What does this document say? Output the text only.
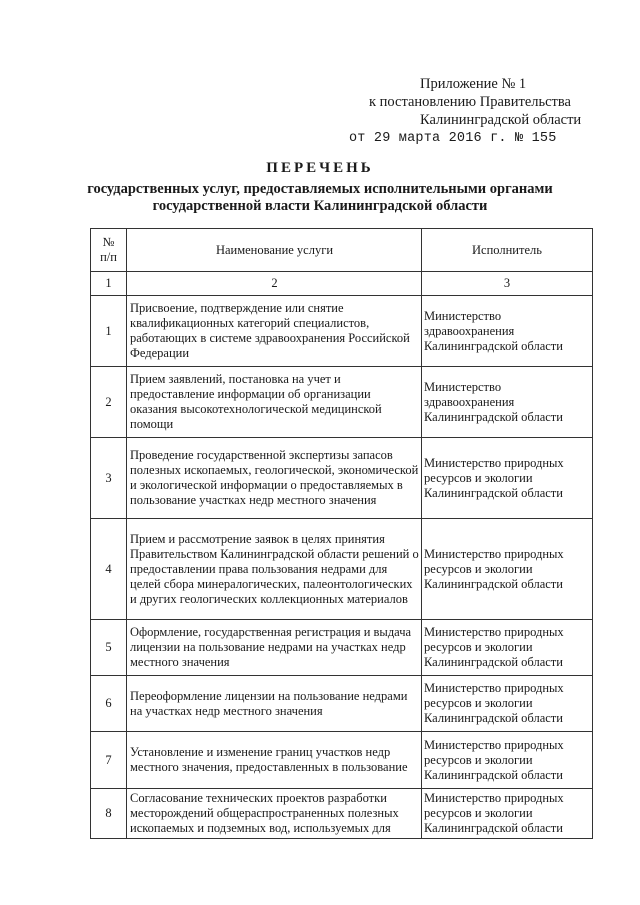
Приложение № 1
к постановлению Правительства
Калининградской области
от 29 марта 2016 г. № 155
ПЕРЕЧЕНЬ
государственных услуг, предоставляемых исполнительными органами
государственной власти Калининградской области
№
п/п	Наименование услуги	Исполнитель
1	2	3
1	Присвоение, подтверждение или снятие квалификационных категорий специалистов, работающих в системе здравоохранения Российской Федерации	Министерство здравоохранения Калининградской области
2	Прием заявлений, постановка на учет и предоставление информации об организации оказания высокотехнологической медицинской помощи	Министерство здравоохранения Калининградской области
3	Проведение государственной экспертизы запасов полезных ископаемых, геологической, экономической и экологической информации о предоставляемых в пользование участках недр местного значения	Министерство природных ресурсов и экологии Калининградской области
4	Прием и рассмотрение заявок в целях принятия Правительством Калининградской области решений о предоставлении права пользования недрами для целей сбора минералогических, палеонтологических и других геологических коллекционных материалов	Министерство природных ресурсов и экологии Калининградской области
5	Оформление, государственная регистрация и выдача лицензии на пользование недрами на участках недр местного значения	Министерство природных ресурсов и экологии Калининградской области
6	Переоформление лицензии на пользование недрами на участках недр местного значения	Министерство природных ресурсов и экологии Калининградской области
7	Установление и изменение границ участков недр местного значения, предоставленных в пользование	Министерство природных ресурсов и экологии Калининградской области
8	Согласование технических проектов разработки месторождений общераспространенных полезных ископаемых и подземных вод, используемых для	Министерство природных ресурсов и экологии Калининградской области
